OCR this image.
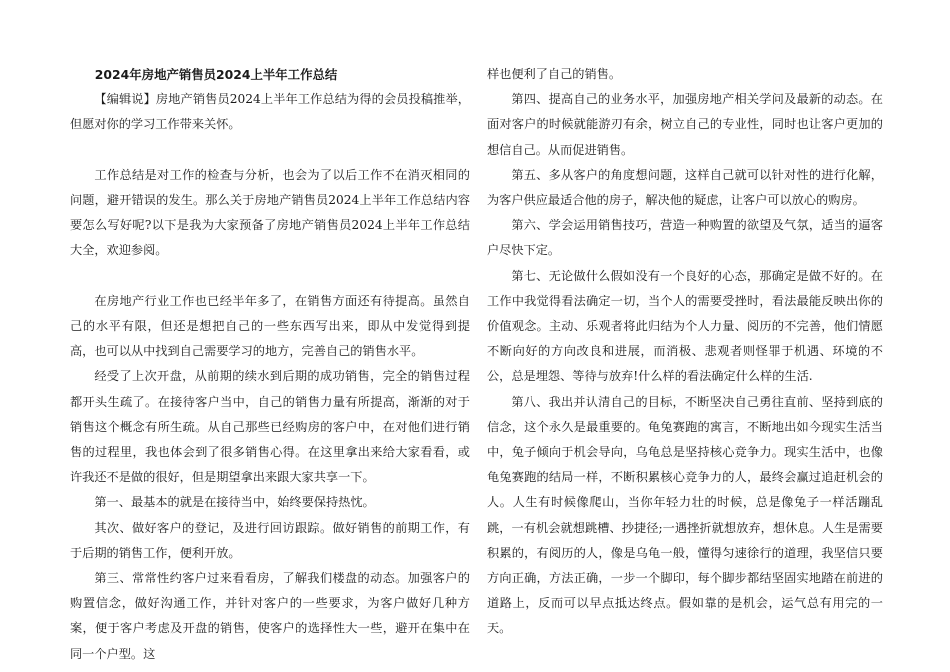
2024年房地产销售员2024上半年工作总结

【编辑说】房地产销售员2024上半年工作总结为得的会员投稿推举，但愿对你的学习工作带来关怀。

工作总结是对工作的检查与分析，也会为了以后工作不在消灭相同的问题，避开错误的发生。那么关于房地产销售员2024上半年工作总结内容要怎么写好呢?以下是我为大家预备了房地产销售员2024上半年工作总结大全，欢迎参阅。

在房地产行业工作也已经半年多了，在销售方面还有待提高。虽然自己的水平有限，但还是想把自己的一些东西写出来，即从中发觉得到提高，也可以从中找到自己需要学习的地方，完善自己的销售水平。

经受了上次开盘，从前期的续水到后期的成功销售，完全的销售过程都开头生疏了。在接待客户当中，自己的销售力量有所提高，渐渐的对于销售这个概念有所生疏。从自己那些已经购房的客户中，在对他们进行销售的过程里，我也体会到了很多销售心得。在这里拿出来给大家看看，或许我还不是做的很好，但是期望拿出来跟大家共享一下。

第一、最基本的就是在接待当中，始终要保持热忱。

其次、做好客户的登记，及进行回访跟踪。做好销售的前期工作，有于后期的销售工作，便利开放。

第三、常常性约客户过来看看房，了解我们楼盘的动态。加强客户的购置信念，做好沟通工作，并针对客户的一些要求，为客户做好几种方案，便于客户考虑及开盘的销售，使客户的选择性大一些，避开在集中在同一个户型。这

样也便利了自己的销售。

第四、提高自己的业务水平，加强房地产相关学问及最新的动态。在面对客户的时候就能游刃有余，树立自己的专业性，同时也让客户更加的想信自己。从而促进销售。

第五、多从客户的角度想问题，这样自己就可以针对性的进行化解，为客户供应最适合他的房子，解决他的疑虑，让客户可以放心的购房。

第六、学会运用销售技巧，营造一种购置的欲望及气氛，适当的逼客户尽快下定。

第七、无论做什么假如没有一个良好的心态，那确定是做不好的。在工作中我觉得看法确定一切，当个人的需要受挫时，看法最能反映出你的价值观念。主动、乐观者将此归结为个人力量、阅历的不完善，他们情愿不断向好的方向改良和进展，而消极、悲观者则怪罪于机遇、环境的不公，总是埋怨、等待与放弃!什么样的看法确定什么样的生活.

第八、我出并认清自己的目标，不断坚决自己勇往直前、坚持到底的信念，这个永久是最重要的。龟兔赛跑的寓言，不断地出如今现实生活当中，兔子倾向于机会导向，乌龟总是坚持核心竞争力。现实生活中，也像龟兔赛跑的结局一样，不断积累核心竞争力的人，最终会赢过追赶机会的人。人生有时候像爬山，当你年轻力壮的时候，总是像兔子一样活蹦乱跳，一有机会就想跳槽、抄捷径;一遇挫折就想放弃，想休息。人生是需要积累的，有阅历的人，像是乌龟一般，懂得匀速徐行的道理，我坚信只要方向正确，方法正确，一步一个脚印，每个脚步都结坚固实地踏在前进的道路上，反而可以早点抵达终点。假如靠的是机会，运气总有用完的一天。
